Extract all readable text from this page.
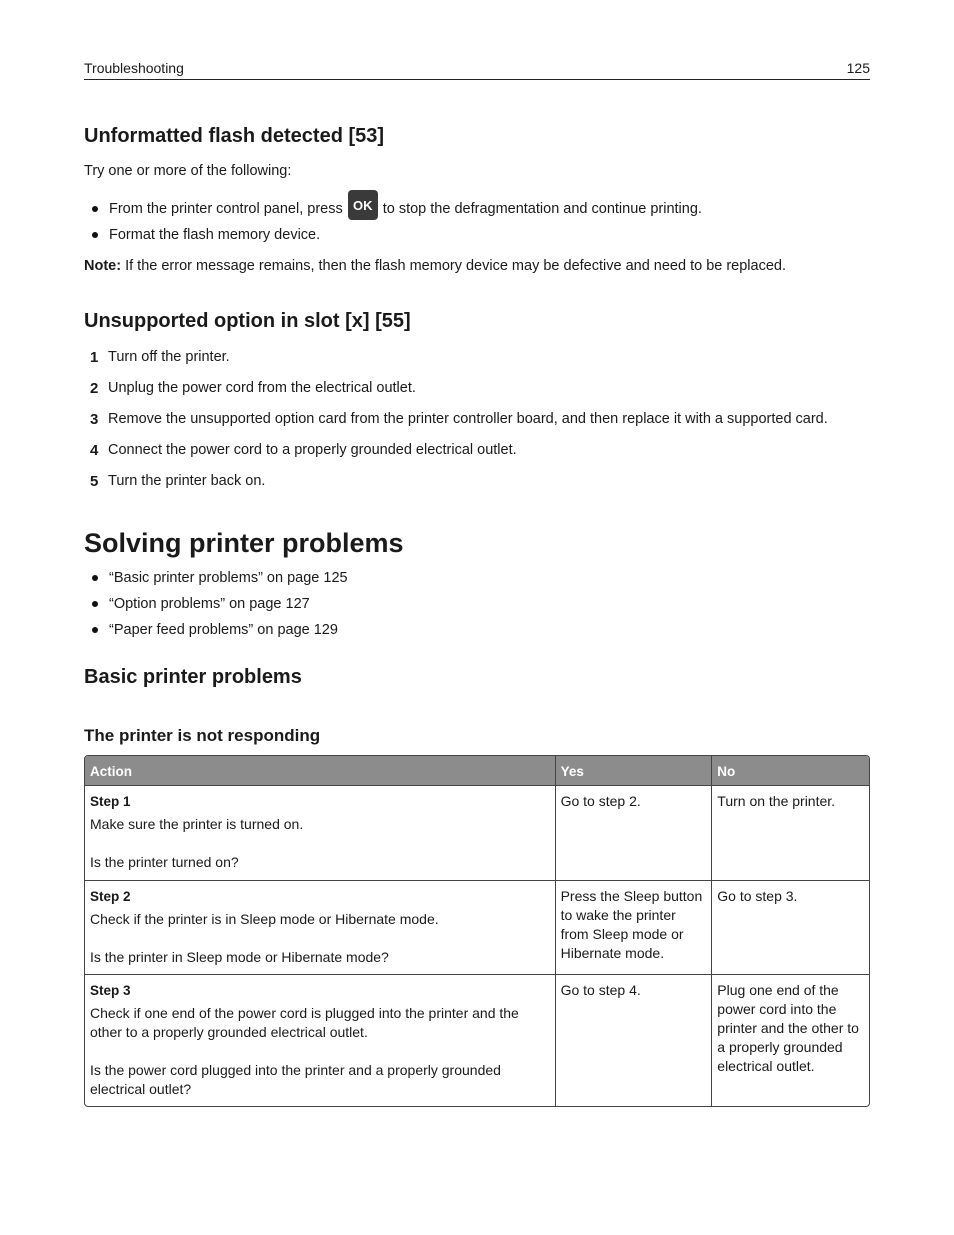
Troubleshooting	125
Unformatted flash detected [53]
Try one or more of the following:
From the printer control panel, press OK to stop the defragmentation and continue printing.
Format the flash memory device.
Note: If the error message remains, then the flash memory device may be defective and need to be replaced.
Unsupported option in slot [x] [55]
1 Turn off the printer.
2 Unplug the power cord from the electrical outlet.
3 Remove the unsupported option card from the printer controller board, and then replace it with a supported card.
4 Connect the power cord to a properly grounded electrical outlet.
5 Turn the printer back on.
Solving printer problems
“Basic printer problems” on page 125
“Option problems” on page 127
“Paper feed problems” on page 129
Basic printer problems
The printer is not responding
Action	Yes	No

Step 1
Make sure the printer is turned on.
Is the printer turned on?	Go to step 2.	Turn on the printer.

Step 2
Check if the printer is in Sleep mode or Hibernate mode.
Is the printer in Sleep mode or Hibernate mode?	Press the Sleep button to wake the printer from Sleep mode or Hibernate mode.	Go to step 3.

Step 3
Check if one end of the power cord is plugged into the printer and the other to a properly grounded electrical outlet.
Is the power cord plugged into the printer and a properly grounded electrical outlet?	Go to step 4.	Plug one end of the power cord into the printer and the other to a properly grounded electrical outlet.
